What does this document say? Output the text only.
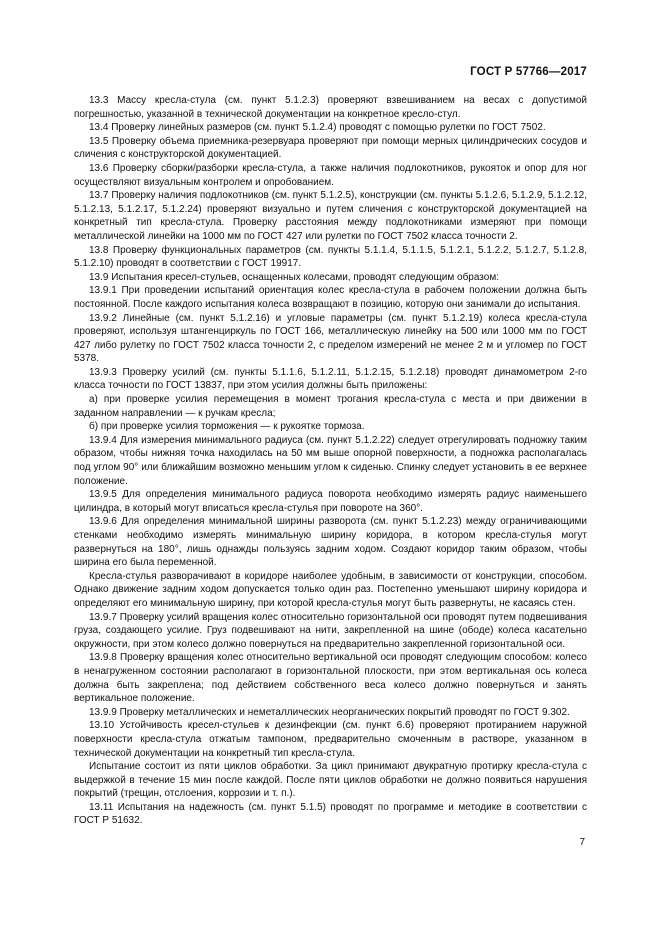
ГОСТ Р 57766—2017

13.3 Массу кресла-стула (см. пункт 5.1.2.3) проверяют взвешиванием на весах с допустимой погрешностью, указанной в технической документации на конкретное кресло-стул.

13.4 Проверку линейных размеров (см. пункт 5.1.2.4) проводят с помощью рулетки по ГОСТ 7502.

13.5 Проверку объема приемника-резервуара проверяют при помощи мерных цилиндрических сосудов и сличения с конструкторской документацией.

13.6 Проверку сборки/разборки кресла-стула, а также наличия подлокотников, рукояток и опор для ног осуществляют визуальным контролем и опробованием.

13.7 Проверку наличия подлокотников (см. пункт 5.1.2.5), конструкции (см. пункты 5.1.2.6, 5.1.2.9, 5.1.2.12, 5.1.2.13, 5.1.2.17, 5.1.2.24) проверяют визуально и путем сличения с конструкторской документацией на конкретный тип кресла-стула. Проверку расстояния между подлокотниками измеряют при помощи металлической линейки на 1000 мм по ГОСТ 427 или рулетки по ГОСТ 7502 класса точности 2.

13.8 Проверку функциональных параметров (см. пункты 5.1.1.4, 5.1.1.5, 5.1.2.1, 5.1.2.2, 5.1.2.7, 5.1.2.8, 5.1.2.10) проводят в соответствии с ГОСТ 19917.

13.9 Испытания кресел-стульев, оснащенных колесами, проводят следующим образом:

13.9.1 При проведении испытаний ориентация колес кресла-стула в рабочем положении должна быть постоянной. После каждого испытания колеса возвращают в позицию, которую они занимали до испытания.

13.9.2 Линейные (см. пункт 5.1.2.16) и угловые параметры (см. пункт 5.1.2.19) колеса кресла-стула проверяют, используя штангенциркуль по ГОСТ 166, металлическую линейку на 500 или 1000 мм по ГОСТ 427 либо рулетку по ГОСТ 7502 класса точности 2, с пределом измерений не менее 2 м и угломер по ГОСТ 5378.

13.9.3 Проверку усилий (см. пункты 5.1.1.6, 5.1.2.11, 5.1.2.15, 5.1.2.18) проводят динамометром 2-го класса точности по ГОСТ 13837, при этом усилия должны быть приложены:

а) при проверке усилия перемещения в момент трогания кресла-стула с места и при движении в заданном направлении — к ручкам кресла;

б) при проверке усилия торможения — к рукоятке тормоза.

13.9.4 Для измерения минимального радиуса (см. пункт 5.1.2.22) следует отрегулировать подножку таким образом, чтобы нижняя точка находилась на 50 мм выше опорной поверхности, а подножка располагалась под углом 90° или ближайшим возможно меньшим углом к сиденью. Спинку следует установить в ее верхнее положение.

13.9.5 Для определения минимального радиуса поворота необходимо измерять радиус наименьшего цилиндра, в который могут вписаться кресла-стулья при повороте на 360°.

13.9.6 Для определения минимальной ширины разворота (см. пункт 5.1.2.23) между ограничивающими стенками необходимо измерять минимальную ширину коридора, в котором кресла-стулья могут развернуться на 180°, лишь однажды пользуясь задним ходом. Создают коридор таким образом, чтобы ширина его была переменной.

Кресла-стулья разворачивают в коридоре наиболее удобным, в зависимости от конструкции, способом. Однако движение задним ходом допускается только один раз. Постепенно уменьшают ширину коридора и определяют его минимальную ширину, при которой кресла-стулья могут быть развернуты, не касаясь стен.

13.9.7 Проверку усилий вращения колес относительно горизонтальной оси проводят путем подвешивания груза, создающего усилие. Груз подвешивают на нити, закрепленной на шине (ободе) колеса касательно окружности, при этом колесо должно повернуться на предварительно закрепленной горизонтальной оси.

13.9.8 Проверку вращения колес относительно вертикальной оси проводят следующим способом: колесо в ненагруженном состоянии располагают в горизонтальной плоскости, при этом вертикальная ось колеса должна быть закреплена; под действием собственного веса колесо должно повернуться и занять вертикальное положение.

13.9.9 Проверку металлических и неметаллических неорганических покрытий проводят по ГОСТ 9.302.

13.10 Устойчивость кресел-стульев к дезинфекции (см. пункт 6.6) проверяют протиранием наружной поверхности кресла-стула отжатым тампоном, предварительно смоченным в растворе, указанном в технической документации на конкретный тип кресла-стула.

Испытание состоит из пяти циклов обработки. За цикл принимают двукратную протирку кресла-стула с выдержкой в течение 15 мин после каждой. После пяти циклов обработки не должно появиться нарушения покрытий (трещин, отслоения, коррозии и т. п.).

13.11 Испытания на надежность (см. пункт 5.1.5) проводят по программе и методике в соответствии с ГОСТ Р 51632.

7
